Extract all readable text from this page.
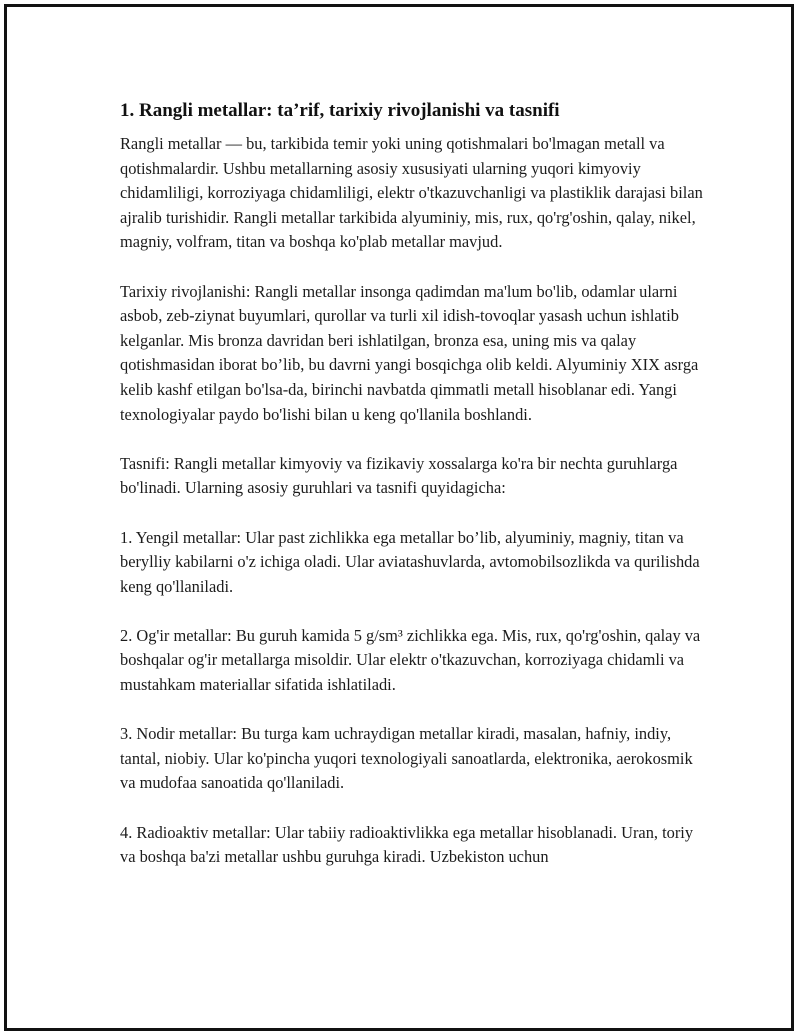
1. Rangli metallar: ta’rif, tarixiy rivojlanishi va tasnifi

Rangli metallar — bu, tarkibida temir yoki uning qotishmalari bo'lmagan metall va qotishmalardir. Ushbu metallarning asosiy xususiyati ularning yuqori kimyoviy chidamliligi, korroziyaga chidamliligi, elektr o'tkazuvchanligi va plastiklik darajasi bilan ajralib turishidir. Rangli metallar tarkibida alyuminiy, mis, rux, qo'rg'oshin, qalay, nikel, magniy, volfram, titan va boshqa ko'plab metallar mavjud.

Tarixiy rivojlanishi: Rangli metallar insonga qadimdan ma'lum bo'lib, odamlar ularni asbob, zeb-ziynat buyumlari, qurollar va turli xil idish-tovoqlar yasash uchun ishlatib kelganlar. Mis bronza davridan beri ishlatilgan, bronza esa, uning mis va qalay qotishmasidan iborat bo’lib, bu davrni yangi bosqichga olib keldi. Alyuminiy XIX asrga kelib kashf etilgan bo'lsa-da, birinchi navbatda qimmatli metall hisoblanar edi. Yangi texnologiyalar paydo bo'lishi bilan u keng qo'llanila boshlandi.

Tasnifi: Rangli metallar kimyoviy va fizikaviy xossalarga ko'ra bir nechta guruhlarga bo'linadi. Ularning asosiy guruhlari va tasnifi quyidagicha:

1. Yengil metallar: Ular past zichlikka ega metallar bo’lib, alyuminiy, magniy, titan va berylliy kabilarni o'z ichiga oladi. Ular aviatashuvlarda, avtomobilsozlikda va qurilishda keng qo'llaniladi.

2. Og'ir metallar: Bu guruh kamida 5 g/sm³ zichlikka ega. Mis, rux, qo'rg'oshin, qalay va boshqalar og'ir metallarga misoldir. Ular elektr o'tkazuvchan, korroziyaga chidamli va mustahkam materiallar sifatida ishlatiladi.

3. Nodir metallar: Bu turga kam uchraydigan metallar kiradi, masalan, hafniy, indiy, tantal, niobiy. Ular ko'pincha yuqori texnologiyali sanoatlarda, elektronika, aerokosmik va mudofaa sanoatida qo'llaniladi.

4. Radioaktiv metallar: Ular tabiiy radioaktivlikka ega metallar hisoblanadi. Uran, toriy va boshqa ba'zi metallar ushbu guruhga kiradi. Uzbekiston uchun
